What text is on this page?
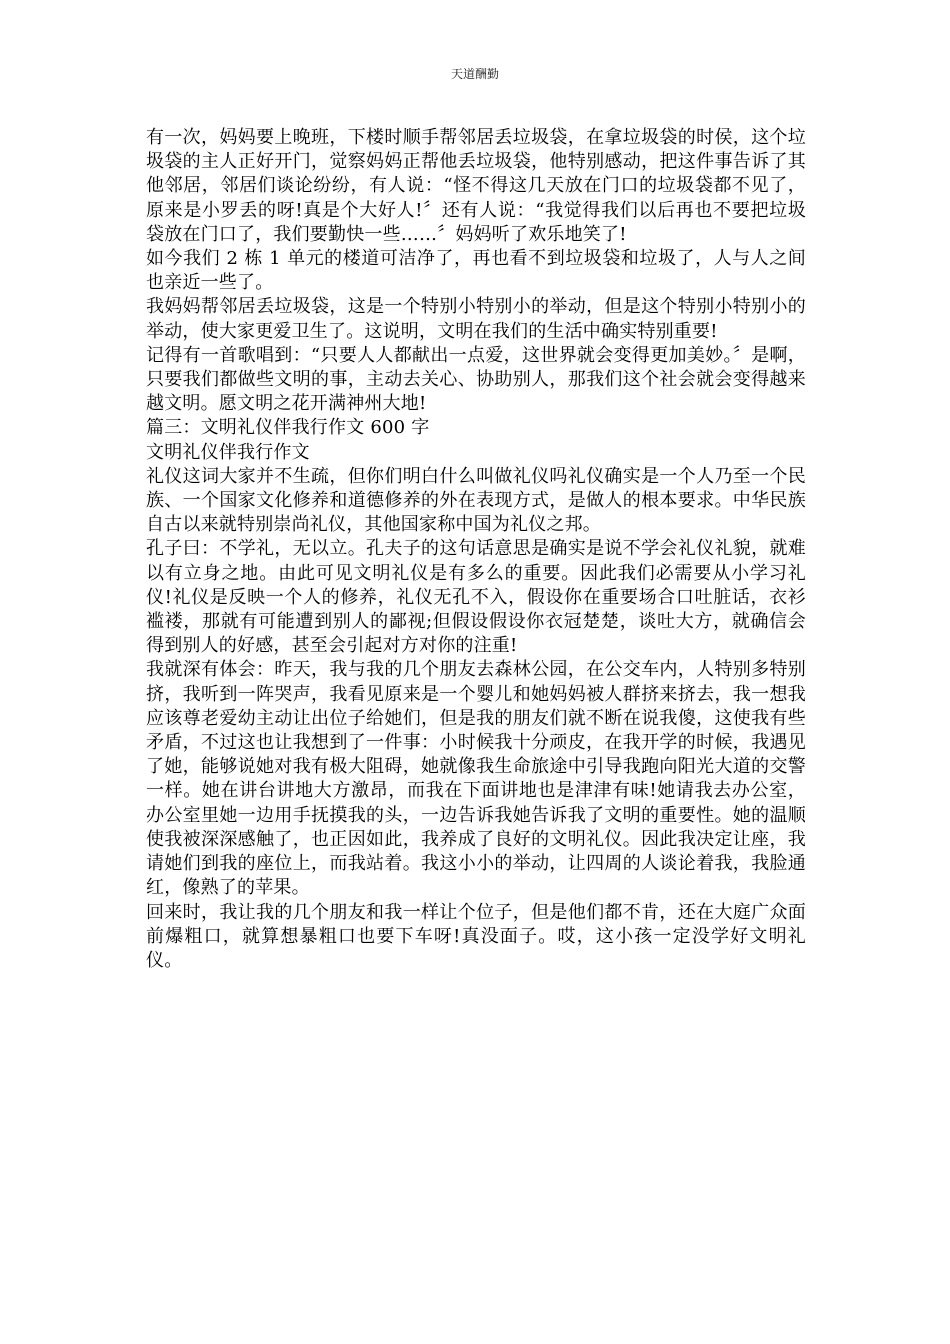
天道酬勤

有一次，妈妈要上晚班，下楼时顺手帮邻居丢垃圾袋，在拿垃圾袋的时侯，这个垃圾袋的主人正好开门，觉察妈妈正帮他丢垃圾袋，他特别感动，把这件事告诉了其他邻居，邻居们谈论纷纷，有人说：“怪不得这几天放在门口的垃圾袋都不见了，原来是小罗丢的呀!真是个大好人!〞还有人说：“我觉得我们以后再也不要把垃圾袋放在门口了，我们要勤快一些……〞妈妈听了欢乐地笑了!

如今我们 2 栋 1 单元的楼道可洁净了，再也看不到垃圾袋和垃圾了，人与人之间也亲近一些了。

我妈妈帮邻居丢垃圾袋，这是一个特别小特别小的举动，但是这个特别小特别小的举动，使大家更爱卫生了。这说明，文明在我们的生活中确实特别重要!

记得有一首歌唱到：“只要人人都献出一点爱，这世界就会变得更加美妙。〞是啊，只要我们都做些文明的事，主动去关心、协助别人，那我们这个社会就会变得越来越文明。愿文明之花开满神州大地!

篇三：文明礼仪伴我行作文 600 字

文明礼仪伴我行作文

礼仪这词大家并不生疏，但你们明白什么叫做礼仪吗礼仪确实是一个人乃至一个民族、一个国家文化修养和道德修养的外在表现方式，是做人的根本要求。中华民族自古以来就特别崇尚礼仪，其他国家称中国为礼仪之邦。

孔子曰：不学礼，无以立。孔夫子的这句话意思是确实是说不学会礼仪礼貌，就难以有立身之地。由此可见文明礼仪是有多么的重要。因此我们必需要从小学习礼仪!礼仪是反映一个人的修养，礼仪无孔不入，假设你在重要场合口吐脏话，衣衫褴褛，那就有可能遭到别人的鄙视;但假设假设你衣冠楚楚，谈吐大方，就确信会得到别人的好感，甚至会引起对方对你的注重!

我就深有体会：昨天，我与我的几个朋友去森林公园，在公交车内，人特别多特别挤，我听到一阵哭声，我看见原来是一个婴儿和她妈妈被人群挤来挤去，我一想我应该尊老爱幼主动让出位子给她们，但是我的朋友们就不断在说我傻，这使我有些矛盾，不过这也让我想到了一件事：小时候我十分顽皮，在我开学的时候，我遇见了她，能够说她对我有极大阻碍，她就像我生命旅途中引导我跑向阳光大道的交警一样。她在讲台讲地大方激昂，而我在下面讲地也是津津有味!她请我去办公室，办公室里她一边用手抚摸我的头，一边告诉我她告诉我了文明的重要性。她的温顺使我被深深感触了，也正因如此，我养成了良好的文明礼仪。因此我决定让座，我请她们到我的座位上，而我站着。我这小小的举动，让四周的人谈论着我，我脸通红，像熟了的苹果。

回来时，我让我的几个朋友和我一样让个位子，但是他们都不肯，还在大庭广众面前爆粗口，就算想暴粗口也要下车呀!真没面子。哎，这小孩一定没学好文明礼仪。
